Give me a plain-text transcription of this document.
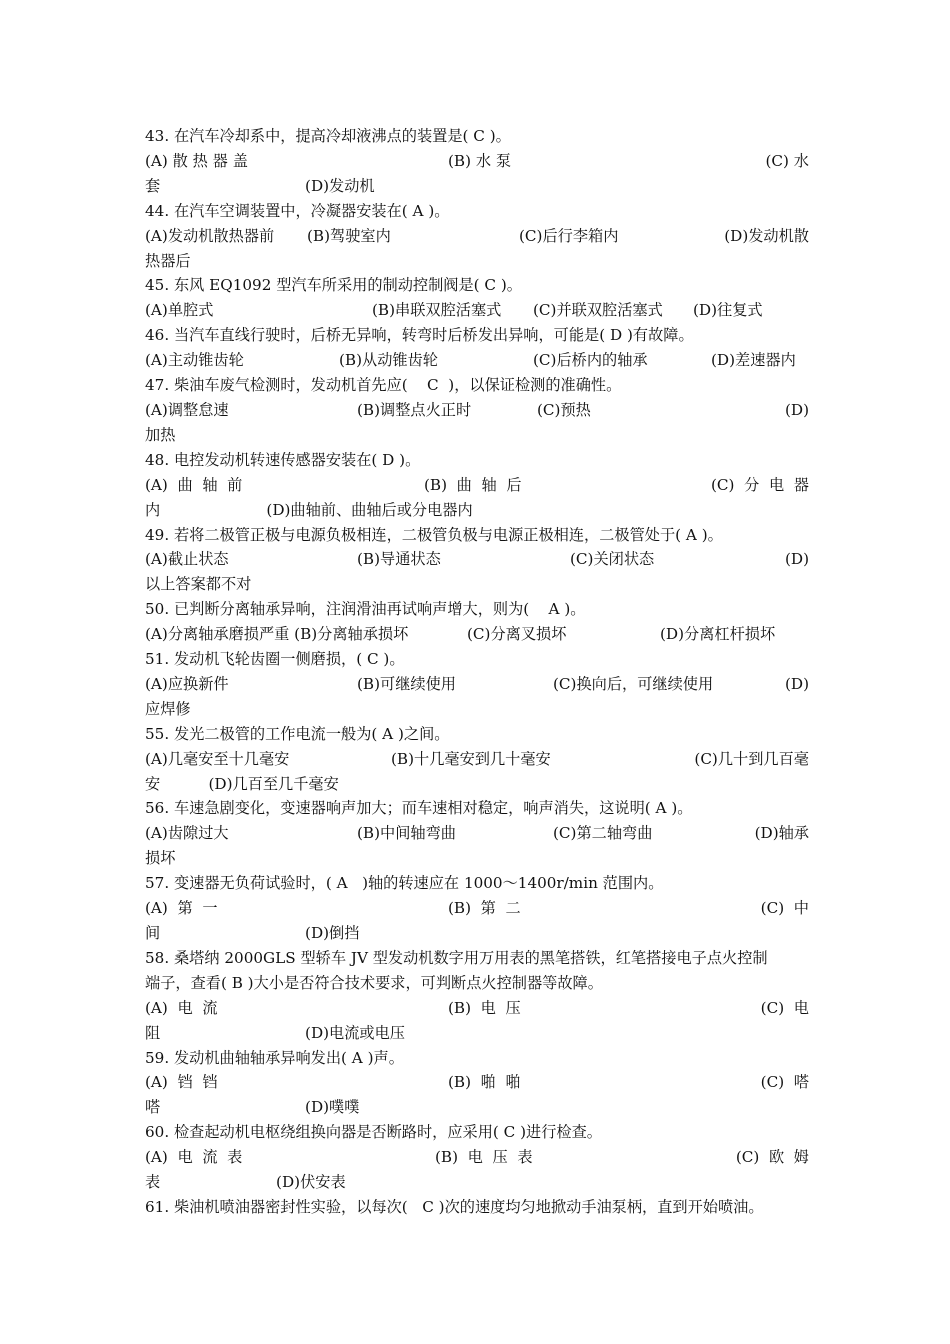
43. 在汽车冷却系中，提高冷却液沸点的装置是( C )。
(A) 散 热 器 盖	(B) 水 泵	(C) 水
套                              (D)发动机
44. 在汽车空调装置中，冷凝器安装在( A )。
(A)发动机散热器前	(B)驾驶室内	(C)后行李箱内	(D)发动机散
热器后
45. 东风 EQ1092 型汽车所采用的制动控制阀是( C )。
(A)单腔式	(B)串联双腔活塞式	(C)并联双腔活塞式	(D)往复式
46. 当汽车直线行驶时，后桥无异响，转弯时后桥发出异响，可能是( D )有故障。
(A)主动锥齿轮	(B)从动锥齿轮	(C)后桥内的轴承	(D)差速器内
47. 柴油车废气检测时，发动机首先应(    C  )，以保证检测的准确性。
(A)调整怠速	(B)调整点火正时	(C)预热	(D)
加热
48. 电控发动机转速传感器安装在( D )。
(A)  曲  轴  前	(B)  曲  轴  后	(C)  分  电  器
内                      (D)曲轴前、曲轴后或分电器内
49. 若将二极管正极与电源负极相连，二极管负极与电源正极相连，二极管处于( A )。
(A)截止状态	(B)导通状态	(C)关闭状态	(D)
以上答案都不对
50. 已判断分离轴承异响，注润滑油再试响声增大，则为(    A )。
(A)分离轴承磨损严重 (B)分离轴承损坏	(C)分离叉损坏	(D)分离杠杆损坏
51. 发动机飞轮齿圈一侧磨损，( C )。
(A)应换新件	(B)可继续使用	(C)换向后，可继续使用	(D)
应焊修
55. 发光二极管的工作电流一般为( A )之间。
(A)几毫安至十几毫安	(B)十几毫安到几十毫安	(C)几十到几百毫
安          (D)几百至几千毫安
56. 车速急剧变化，变速器响声加大；而车速相对稳定，响声消失，这说明( A )。
(A)齿隙过大	(B)中间轴弯曲	(C)第二轴弯曲	(D)轴承
损坏
57. 变速器无负荷试验时，( A   )轴的转速应在 1000～1400r/min 范围内。
(A)  第  一	(B)  第  二	(C)  中
间                              (D)倒挡
58. 桑塔纳 2000GLS 型轿车 JV 型发动机数字用万用表的黑笔搭铁，红笔搭接电子点火控制
端子，查看( B )大小是否符合技术要求，可判断点火控制器等故障。
(A)  电  流	(B)  电  压	(C)  电
阻                              (D)电流或电压
59. 发动机曲轴轴承异响发出( A )声。
(A)  铛  铛	(B)  啪  啪	(C)  嗒
嗒                              (D)噗噗
60. 检查起动机电枢绕组换向器是否断路时，应采用( C )进行检查。
(A)  电  流  表	(B)  电  压  表	(C)  欧  姆
表                        (D)伏安表
61. 柴油机喷油器密封性实验，以每次(   C )次的速度均匀地掀动手油泵柄，直到开始喷油。
